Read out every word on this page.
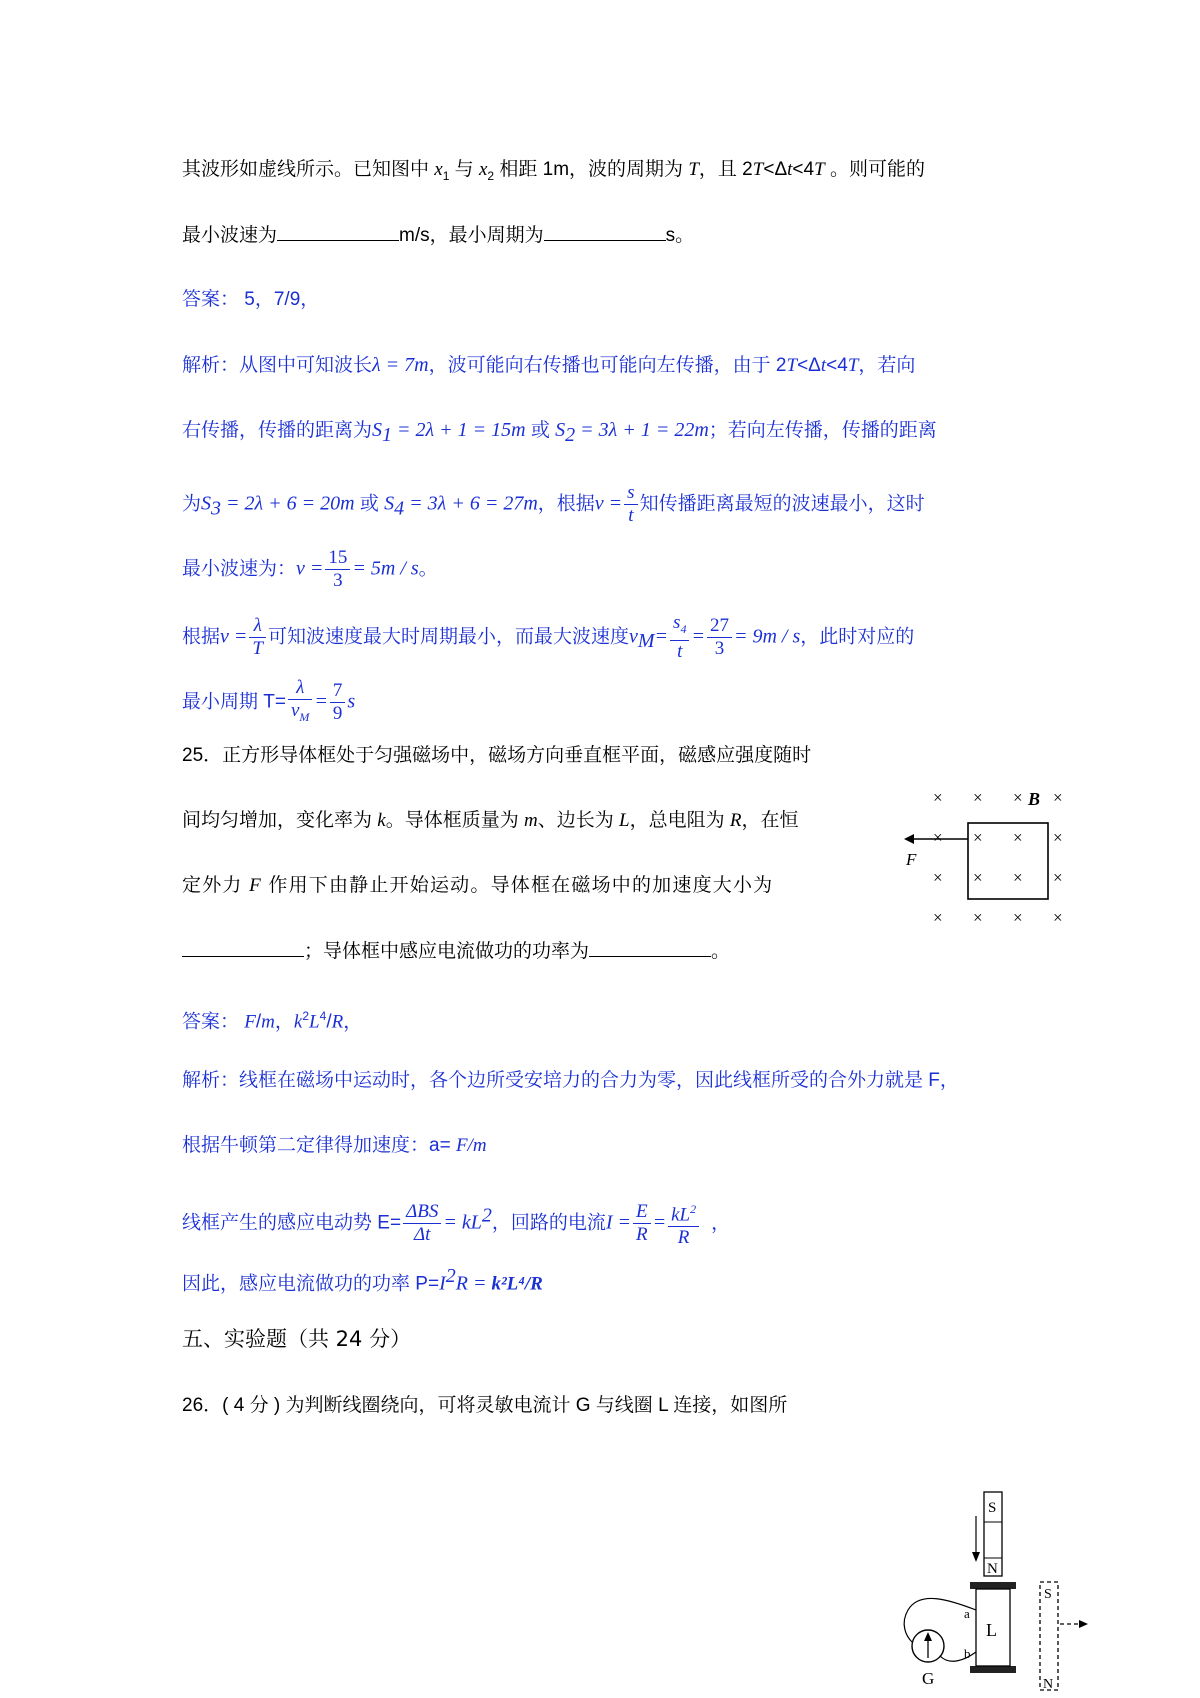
其波形如虚线所示。已知图中 $x_1$ 与 $x_2$ 相距 1m，波的周期为 T，且 2T<Δt<4T 。则可能的
最小波速为	m/s，最小周期为	s。
答案： 5，7/9，
解析：从图中可知波长λ = 7m，波可能向右传播也可能向左传播，由于 2T<Δt<4T，若向
右传播，传播的距离为$S_1 = 2\lambda + 1 = 15m$ 或 $S_2 = 3\lambda + 1 = 22m$；若向左传播，传播的距离
为$S_3 = 2\lambda + 6 = 20m$ 或 $S_4 = 3\lambda + 6 = 27m$，根据$v = \frac{s}{t}$ 知传播距离最短的波速最小，这时
最小波速为：$v = \frac{15}{3} = 5m / s$。
根据$v = \frac{\lambda}{T}$ 可知波速度最大时周期最小，而最大波速度$v_M= \frac{s_4}{t} = \frac{27}{3} = 9m / s$，此时对应的
最小周期 $T= \frac{\lambda}{v_M} = \frac{7}{9}$ s
25．正方形导体框处于匀强磁场中，磁场方向垂直框平面，磁感应强度随时
间均匀增加，变化率为 k。导体框质量为 m、边长为 L，总电阻为 R，在恒
定外力 F 作用下由静止开始运动。导体框在磁场中的加速度大小为
；导体框中感应电流做功的功率为	。
答案： F/m，$k^2L^4/R$，
解析：线框在磁场中运动时，各个边所受安培力的合力为零，因此线框所受的合外力就是 F，
根据牛顿第二定律得加速度：a= F/m
线框产生的感应电动势 $E= \frac{\text{ΔBS}}{\Delta t} = kL^2$，回路的电流$I = \frac{E}{R} = \frac{kL^2}{R}$ ，
因此，感应电流做功的功率 $P=I^2R = k^2L^4/R$
× × × ×
× × × ×
× × × ×
× × × ×
B
F
五、实验题（共 24 分）
26．( 4 分 ) 为判断线圈绕向，可将灵敏电流计 G 与线圈 L 连接，如图所
S
N
L
a
b
G
S
N
